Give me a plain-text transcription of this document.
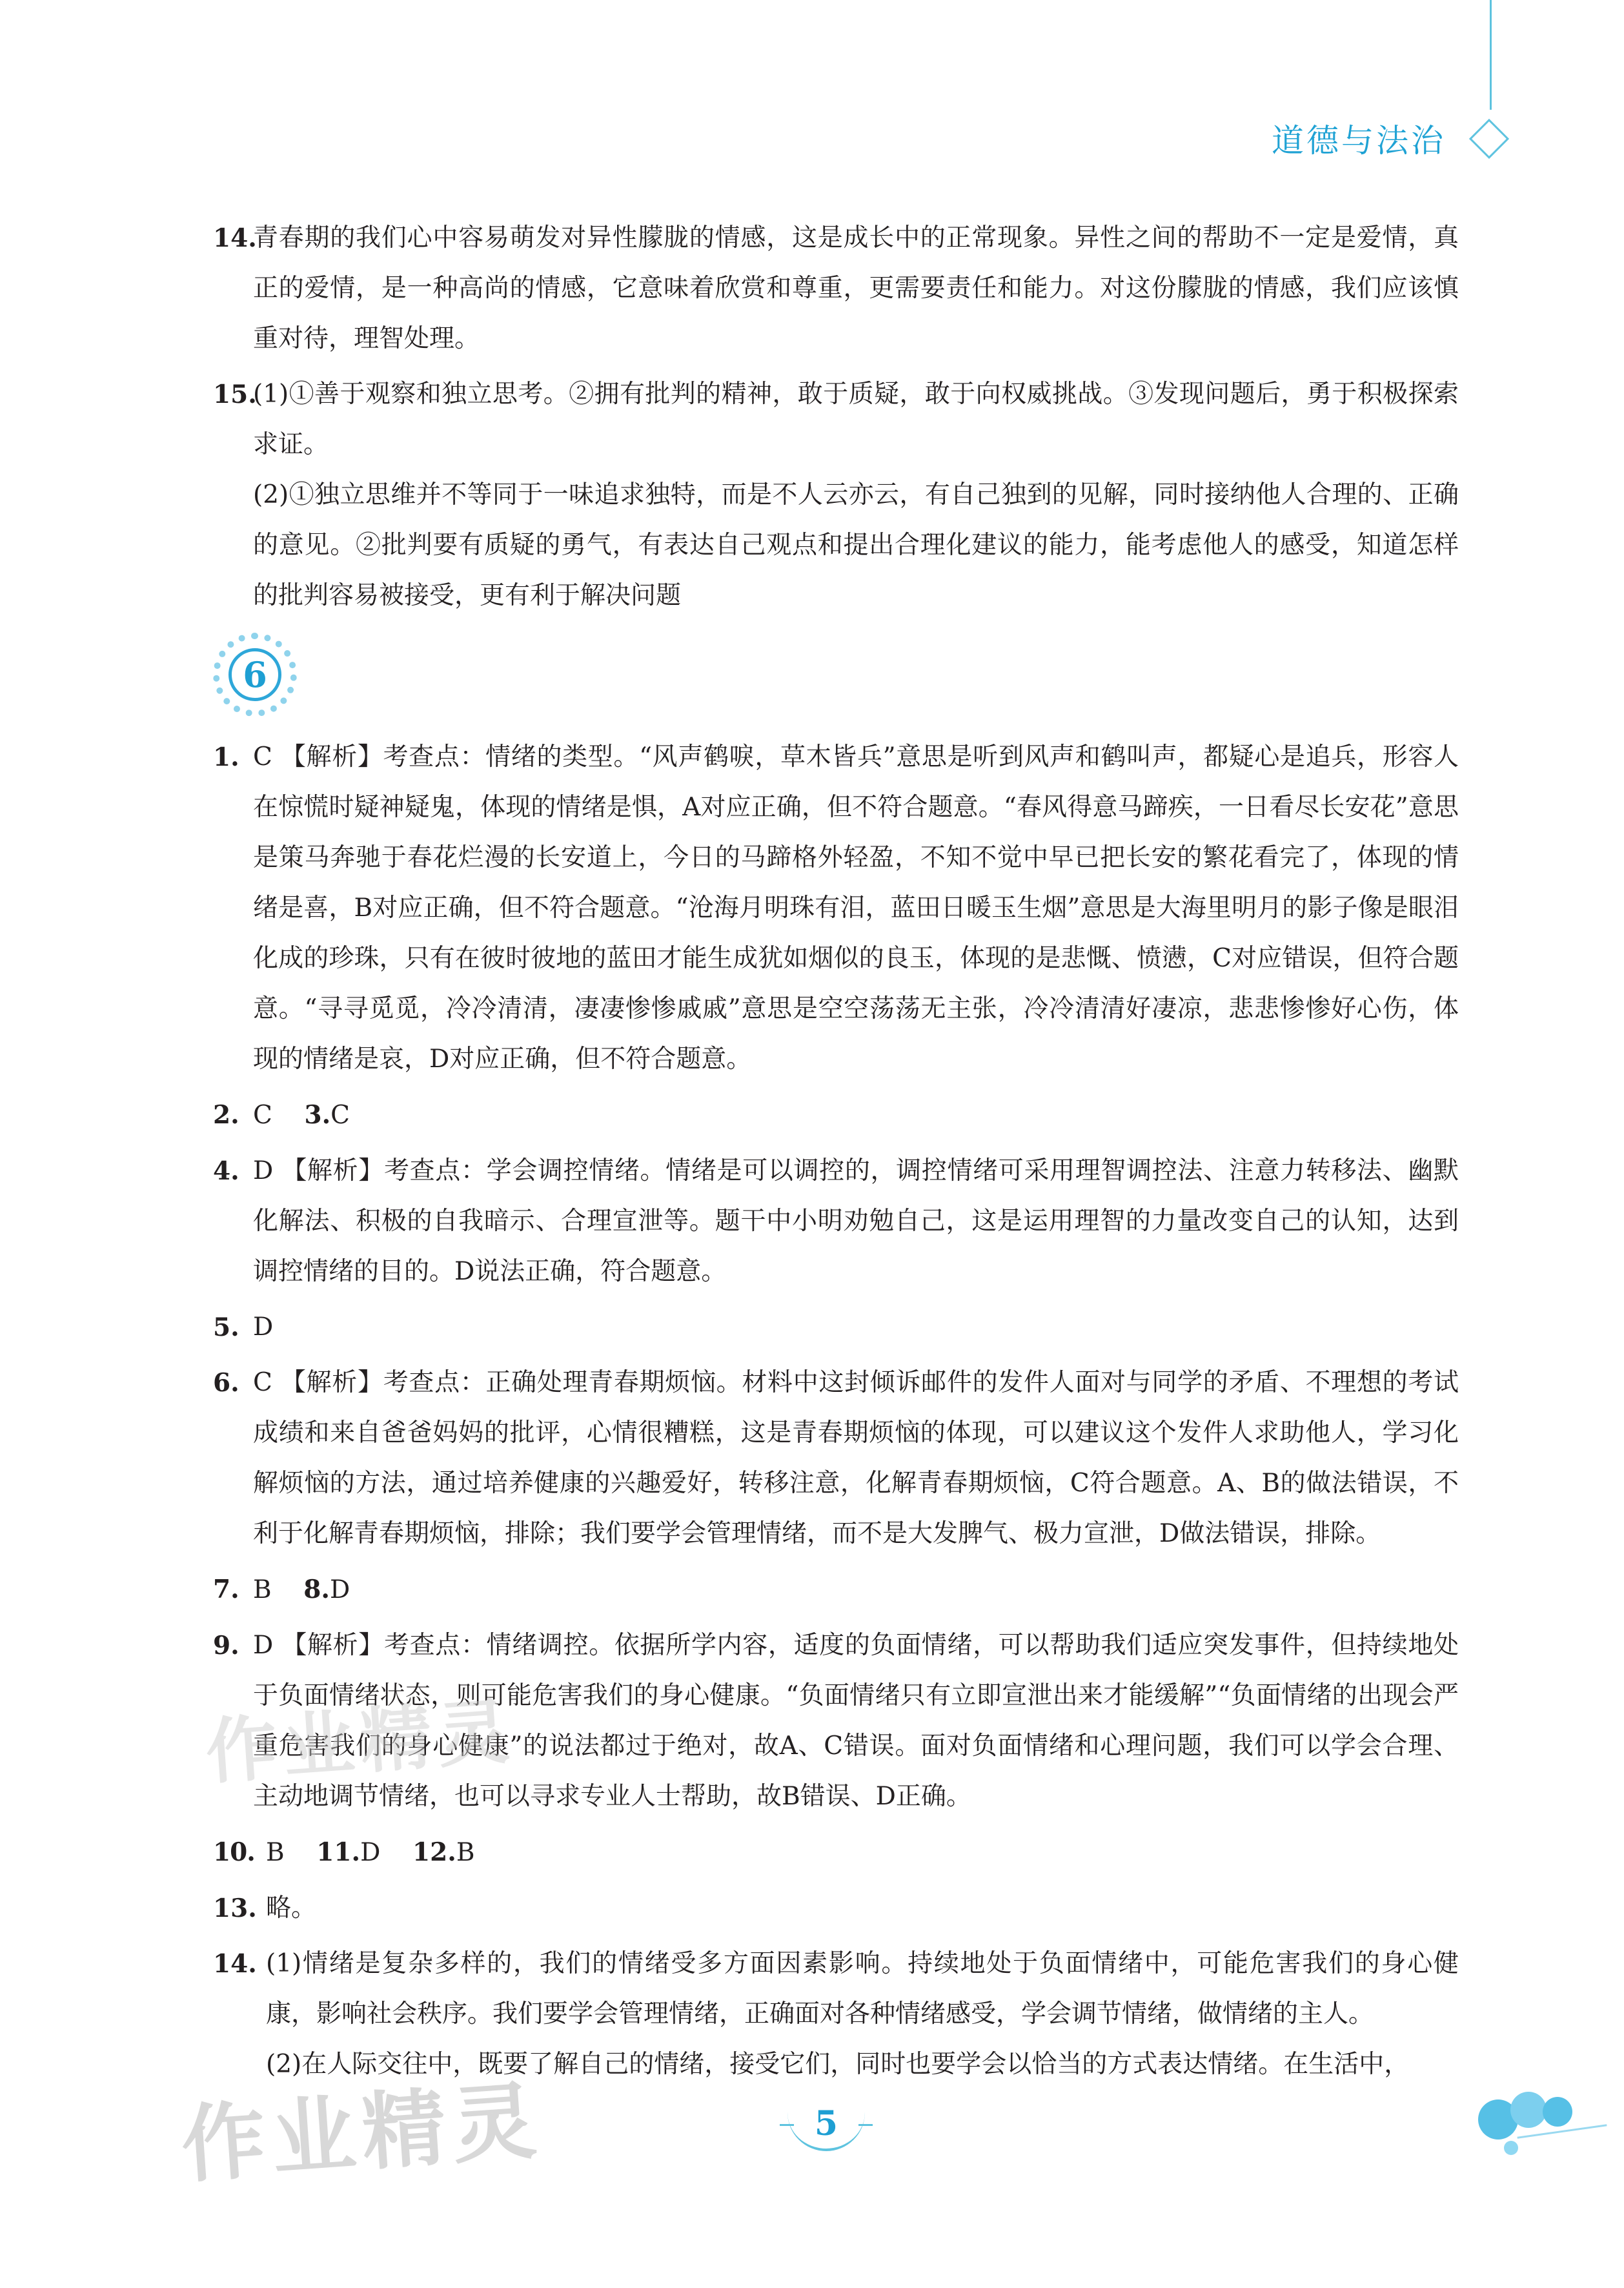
道德与法治
14.
青春期的我们心中容易萌发对异性朦胧的情感，这是成长中的正常现象。异性之间的帮助不一定是爱情，真正的爱情，是一种高尚的情感，它意味着欣赏和尊重，更需要责任和能力。对这份朦胧的情感，我们应该慎重对待，理智处理。
15.
(1)①善于观察和独立思考。②拥有批判的精神，敢于质疑，敢于向权威挑战。③发现问题后，勇于积极探索求证。
(2)①独立思维并不等同于一味追求独特，而是不人云亦云，有自己独到的见解，同时接纳他人合理的、正确的意见。②批判要有质疑的勇气，有表达自己观点和提出合理化建议的能力，能考虑他人的感受，知道怎样的批判容易被接受，更有利于解决问题
6
1. C 【解析】考查点：情绪的类型。“风声鹤唳，草木皆兵”意思是听到风声和鹤叫声，都疑心是追兵，形容人在惊慌时疑神疑鬼，体现的情绪是惧，A对应正确，但不符合题意。“春风得意马蹄疾，一日看尽长安花”意思是策马奔驰于春花烂漫的长安道上，今日的马蹄格外轻盈，不知不觉中早已把长安的繁花看完了，体现的情绪是喜，B对应正确，但不符合题意。“沧海月明珠有泪，蓝田日暖玉生烟”意思是大海里明月的影子像是眼泪化成的珍珠，只有在彼时彼地的蓝田才能生成犹如烟似的良玉，体现的是悲慨、愤懑，C对应错误，但符合题意。“寻寻觅觅，冷冷清清，凄凄惨惨戚戚”意思是空空荡荡无主张，冷冷清清好凄凉，悲悲惨惨好心伤，体现的情绪是哀，D对应正确，但不符合题意。
2. C 3.C
4. D 【解析】考查点：学会调控情绪。情绪是可以调控的，调控情绪可采用理智调控法、注意力转移法、幽默化解法、积极的自我暗示、合理宣泄等。题干中小明劝勉自己，这是运用理智的力量改变自己的认知，达到调控情绪的目的。D说法正确，符合题意。
5. D
6. C 【解析】考查点：正确处理青春期烦恼。材料中这封倾诉邮件的发件人面对与同学的矛盾、不理想的考试成绩和来自爸爸妈妈的批评，心情很糟糕，这是青春期烦恼的体现，可以建议这个发件人求助他人，学习化解烦恼的方法，通过培养健康的兴趣爱好，转移注意，化解青春期烦恼，C符合题意。A、B的做法错误，不利于化解青春期烦恼，排除；我们要学会管理情绪，而不是大发脾气、极力宣泄，D做法错误，排除。
7. B 8.D
9. D 【解析】考查点：情绪调控。依据所学内容，适度的负面情绪，可以帮助我们适应突发事件，但持续地处于负面情绪状态，则可能危害我们的身心健康。“负面情绪只有立即宣泄出来才能缓解”“负面情绪的出现会严重危害我们的身心健康”的说法都过于绝对，故A、C错误。面对负面情绪和心理问题，我们可以学会合理、主动地调节情绪，也可以寻求专业人士帮助，故B错误、D正确。
10. B 11.D 12.B
13. 略。
14. (1)情绪是复杂多样的，我们的情绪受多方面因素影响。持续地处于负面情绪中，可能危害我们的身心健康，影响社会秩序。我们要学会管理情绪，正确面对各种情绪感受，学会调节情绪，做情绪的主人。
(2)在人际交往中，既要了解自己的情绪，接受它们，同时也要学会以恰当的方式表达情绪。在生活中，
作业精灵
作业精灵	5
